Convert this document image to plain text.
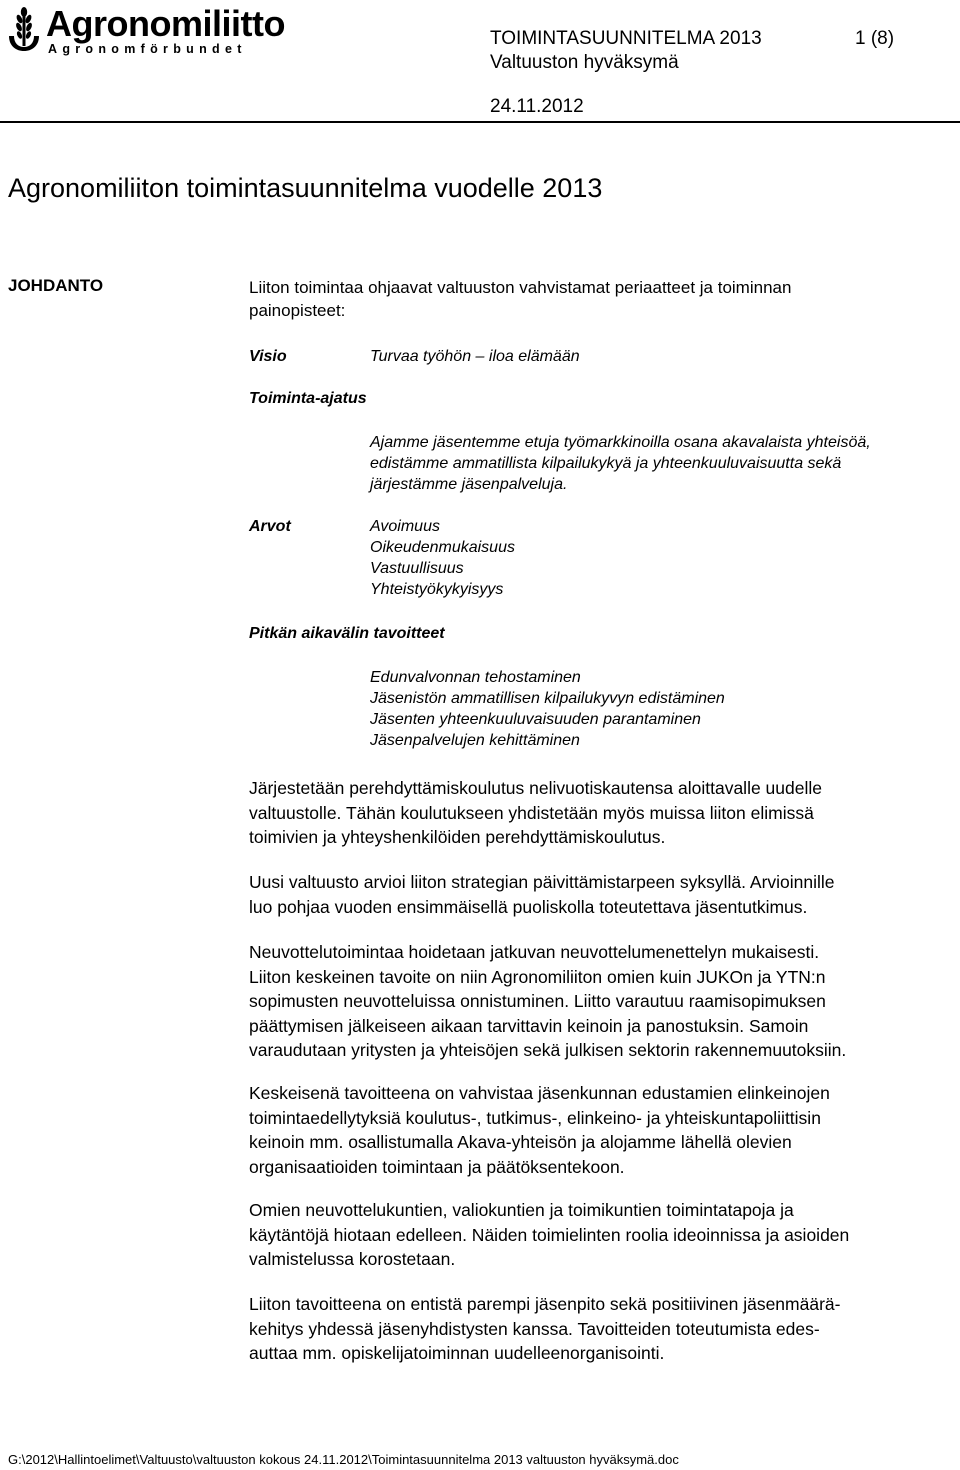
Agronomiliitto
Agronomförbundet	TOIMINTASUUNNITELMA 2013	1 (8)
Valtuuston hyväksymä
24.11.2012
Agronomiliiton toimintasuunnitelma vuodelle 2013
JOHDANTO	Liiton toimintaa ohjaavat valtuuston vahvistamat periaatteet ja toiminnan
painopisteet:
Visio	Turvaa työhön – iloa elämään
Toiminta-ajatus
Ajamme jäsentemme etuja työmarkkinoilla osana akavalaista yhteisöä,
edistämme ammatillista kilpailukykyä ja yhteenkuuluvaisuutta sekä
järjestämme jäsenpalveluja.
Arvot	Avoimuus
Oikeudenmukaisuus
Vastuullisuus
Yhteistyökykyisyys
Pitkän aikavälin tavoitteet
Edunvalvonnan tehostaminen
Jäsenistön ammatillisen kilpailukyvyn edistäminen
Jäsenten yhteenkuuluvaisuuden parantaminen
Jäsenpalvelujen kehittäminen
Järjestetään perehdyttämiskoulutus nelivuotiskautensa aloittavalle uudelle
valtuustolle. Tähän koulutukseen yhdistetään myös muissa liiton elimissä
toimivien ja yhteyshenkilöiden perehdyttämiskoulutus.
Uusi valtuusto arvioi liiton strategian päivittämistarpeen syksyllä. Arvioinnille
luo pohjaa vuoden ensimmäisellä puoliskolla toteutettava jäsentutkimus.
Neuvottelutoimintaa hoidetaan jatkuvan neuvottelumenettelyn mukaisesti.
Liiton keskeinen tavoite on niin Agronomiliiton omien kuin JUKOn ja YTN:n
sopimusten neuvotteluissa onnistuminen. Liitto varautuu raamisopimuksen
päättymisen jälkeiseen aikaan tarvittavin keinoin ja panostuksin. Samoin
varaudutaan yritysten ja yhteisöjen sekä julkisen sektorin rakennemuutoksiin.
Keskeisenä tavoitteena on vahvistaa jäsenkunnan edustamien elinkeinojen
toimintaedellytyksiä koulutus-, tutkimus-, elinkeino- ja yhteiskuntapoliittisin
keinoin mm. osallistumalla Akava-yhteisön ja alojamme lähellä olevien
organisaatioiden toimintaan ja päätöksentekoon.
Omien neuvottelukuntien, valiokuntien ja toimikuntien toimintatapoja ja
käytäntöjä hiotaan edelleen. Näiden toimielinten roolia ideoinnissa ja asioiden
valmistelussa korostetaan.
Liiton tavoitteena on entistä parempi jäsenpito sekä positiivinen jäsenmäärä-
kehitys yhdessä jäsenyhdistysten kanssa. Tavoitteiden toteutumista edes-
auttaa mm. opiskelijatoiminnan uudelleenorganisointi.
G:\2012\Hallintoelimet\Valtuusto\valtuuston kokous 24.11.2012\Toimintasuunnitelma 2013 valtuuston hyväksymä.doc
